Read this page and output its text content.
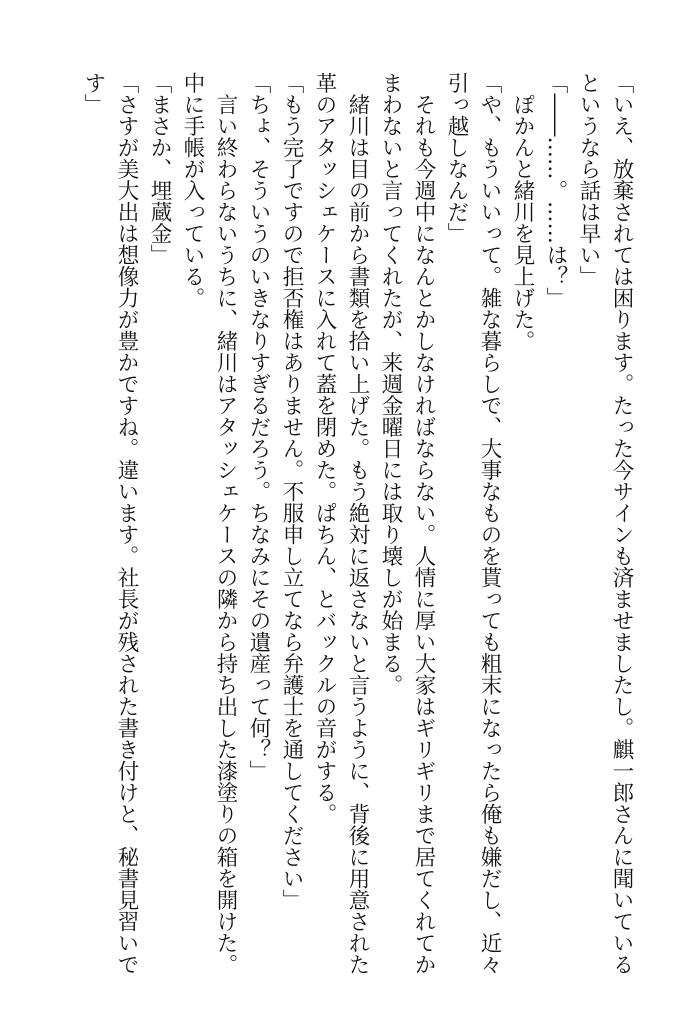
「いえ、放棄されては困ります。たった今サインも済ませましたし。麒一郎さんに聞いている
というなら話は早い」
「――……。……は？」
　ぽかんと緒川を見上げた。
「や、もういいって。雑な暮らしで、大事なものを貰っても粗末になったら俺も嫌だし、近々
引っ越しなんだ」
　それも今週中になんとかしなければならない。人情に厚い大家はギリギリまで居てくれてか
まわないと言ってくれたが、来週金曜日には取り壊しが始まる。
　緒川は目の前から書類を拾い上げた。もう絶対に返さないと言うように、背後に用意された
革のアタッシェケースに入れて蓋を閉めた。ぱちん、とバックルの音がする。
「もう完了ですので拒否権はありません。不服申し立てなら弁護士を通してください」
「ちょ、そういうのいきなりすぎるだろう。ちなみにその遺産って何？」
　言い終わらないうちに、緒川はアタッシェケースの隣から持ち出した漆塗りの箱を開けた。
中に手帳が入っている。
「まさか、埋蔵金」
「さすが美大出は想像力が豊かですね。違います。社長が残された書き付けと、秘書見習いで
す」
